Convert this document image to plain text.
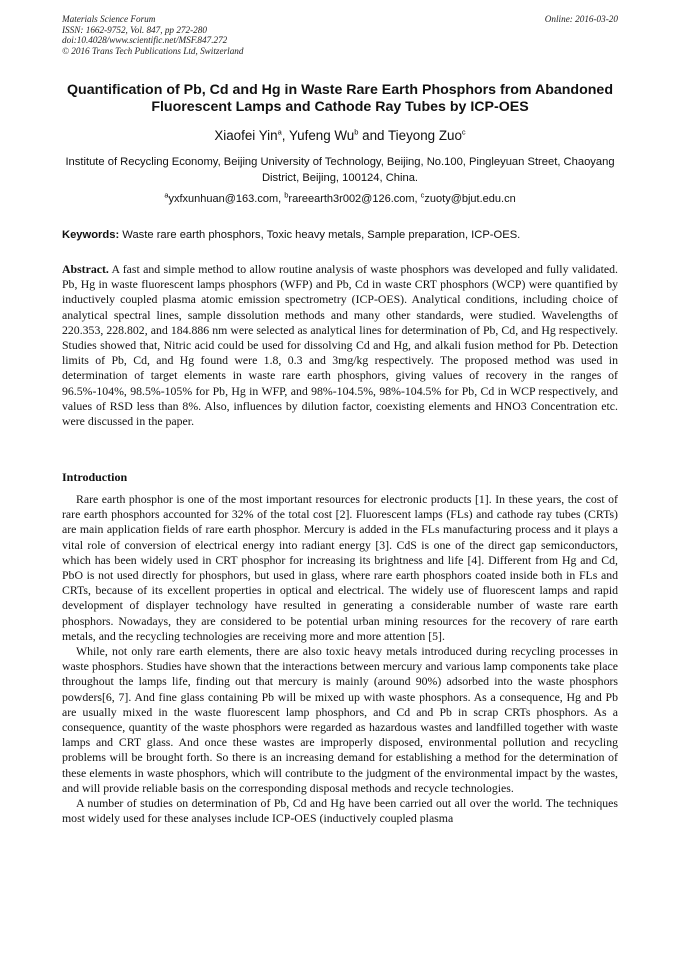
Materials Science Forum
ISSN: 1662-9752, Vol. 847, pp 272-280
doi:10.4028/www.scientific.net/MSF.847.272
© 2016 Trans Tech Publications Ltd, Switzerland
Online: 2016-03-20
Quantification of Pb, Cd and Hg in Waste Rare Earth Phosphors from Abandoned Fluorescent Lamps and Cathode Ray Tubes by ICP-OES
Xiaofei Yin$^a$, Yufeng Wu$^b$ and Tieyong Zuo$^c$
Institute of Recycling Economy, Beijing University of Technology, Beijing, No.100, Pingleyuan Street, Chaoyang District, Beijing, 100124, China.
$^a$yxfxunhuan@163.com, $^b$rareearth3r002@126.com, $^c$zuoty@bjut.edu.cn
Keywords: Waste rare earth phosphors, Toxic heavy metals, Sample preparation, ICP-OES.
Abstract. A fast and simple method to allow routine analysis of waste phosphors was developed and fully validated. Pb, Hg in waste fluorescent lamps phosphors (WFP) and Pb, Cd in waste CRT phosphors (WCP) were quantified by inductively coupled plasma atomic emission spectrometry (ICP-OES). Analytical conditions, including choice of analytical spectral lines, sample dissolution methods and many other standards, were studied. Wavelengths of 220.353, 228.802, and 184.886 nm were selected as analytical lines for determination of Pb, Cd, and Hg respectively. Studies showed that, Nitric acid could be used for dissolving Cd and Hg, and alkali fusion method for Pb. Detection limits of Pb, Cd, and Hg found were 1.8, 0.3 and 3mg/kg respectively. The proposed method was used in determination of target elements in waste rare earth phosphors, giving values of recovery in the ranges of 96.5%-104%, 98.5%-105% for Pb, Hg in WFP, and 98%-104.5%, 98%-104.5% for Pb, Cd in WCP respectively, and values of RSD less than 8%. Also, influences by dilution factor, coexisting elements and HNO3 Concentration etc. were discussed in the paper.
Introduction

Rare earth phosphor is one of the most important resources for electronic products [1]. In these years, the cost of rare earth phosphors accounted for 32% of the total cost [2]. Fluorescent lamps (FLs) and cathode ray tubes (CRTs) are main application fields of rare earth phosphor. Mercury is added in the FLs manufacturing process and it plays a vital role of conversion of electrical energy into radiant energy [3]. CdS is one of the direct gap semiconductors, which has been widely used in CRT phosphor for increasing its brightness and life [4]. Different from Hg and Cd, PbO is not used directly for phosphors, but used in glass, where rare earth phosphors coated inside both in FLs and CRTs, because of its excellent properties in optical and electrical. The widely use of fluorescent lamps and rapid development of displayer technology have resulted in generating a considerable number of waste rare earth phosphors. Nowadays, they are considered to be potential urban mining resources for the recovery of rare earth metals, and the recycling technologies are receiving more and more attention [5].

While, not only rare earth elements, there are also toxic heavy metals introduced during recycling processes in waste phosphors. Studies have shown that the interactions between mercury and various lamp components take place throughout the lamps life, finding out that mercury is mainly (around 90%) adsorbed into the waste phosphors powders[6, 7]. And fine glass containing Pb will be mixed up with waste phosphors. As a consequence, Hg and Pb are usually mixed in the waste fluorescent lamp phosphors, and Cd and Pb in scrap CRTs phosphors. As a consequence, quantity of the waste phosphors were regarded as hazardous wastes and landfilled together with waste lamps and CRT glass. And once these wastes are improperly disposed, environmental pollution and recycling problems will be brought forth. So there is an increasing demand for establishing a method for the determination of these elements in waste phosphors, which will contribute to the judgment of the environmental impact by the wastes, and will provide reliable basis on the corresponding disposal methods and recycle technologies.

A number of studies on determination of Pb, Cd and Hg have been carried out all over the world. The techniques most widely used for these analyses include ICP-OES (inductively coupled plasma
